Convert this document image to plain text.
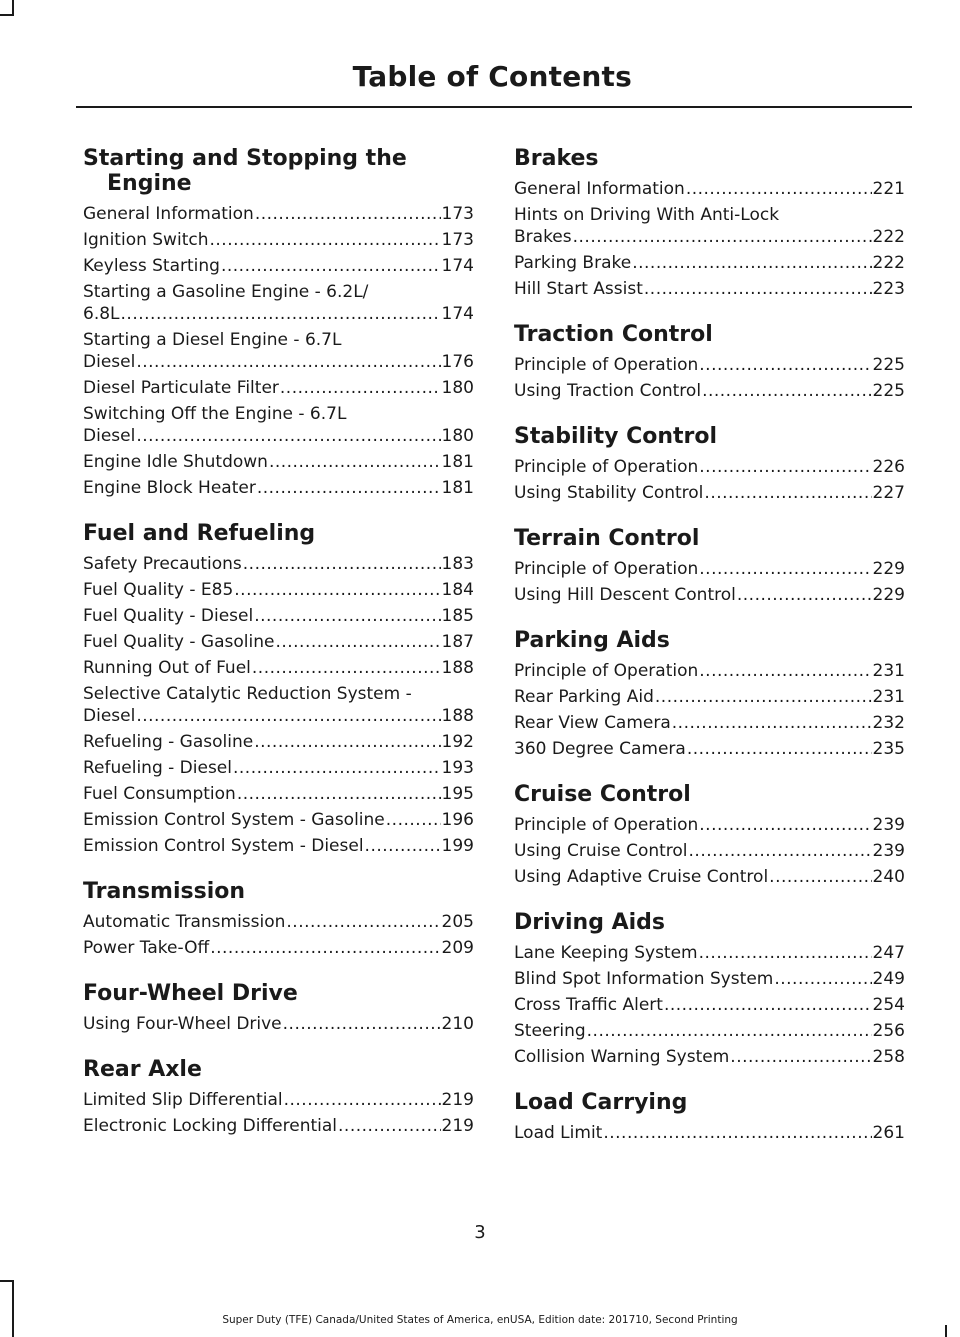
Table of Contents
Starting and Stopping the
Engine
General Information .....	173
Ignition Switch .....	173
Keyless Starting .....	174
Starting a Gasoline Engine - 6.2L/
6.8L .....	174
Starting a Diesel Engine - 6.7L
Diesel .....	176
Diesel Particulate Filter .....	180
Switching Off the Engine - 6.7L
Diesel .....	180
Engine Idle Shutdown .....	181
Engine Block Heater .....	181
Fuel and Refueling
Safety Precautions .....	183
Fuel Quality - E85 .....	184
Fuel Quality - Diesel .....	185
Fuel Quality - Gasoline .....	187
Running Out of Fuel .....	188
Selective Catalytic Reduction System -
Diesel .....	188
Refueling - Gasoline .....	192
Refueling - Diesel .....	193
Fuel Consumption .....	195
Emission Control System - Gasoline .....	196
Emission Control System - Diesel .....	199
Transmission
Automatic Transmission .....	205
Power Take-Off .....	209
Four-Wheel Drive
Using Four-Wheel Drive .....	210
Rear Axle
Limited Slip Differential .....	219
Electronic Locking Differential .....	219
Brakes
General Information .....	221
Hints on Driving With Anti-Lock
Brakes .....	222
Parking Brake .....	222
Hill Start Assist .....	223
Traction Control
Principle of Operation .....	225
Using Traction Control .....	225
Stability Control
Principle of Operation .....	226
Using Stability Control .....	227
Terrain Control
Principle of Operation .....	229
Using Hill Descent Control .....	229
Parking Aids
Principle of Operation .....	231
Rear Parking Aid .....	231
Rear View Camera .....	232
360 Degree Camera .....	235
Cruise Control
Principle of Operation .....	239
Using Cruise Control .....	239
Using Adaptive Cruise Control .....	240
Driving Aids
Lane Keeping System .....	247
Blind Spot Information System .....	249
Cross Traffic Alert .....	254
Steering .....	256
Collision Warning System .....	258
Load Carrying
Load Limit .....	261
3
Super Duty (TFE) Canada/United States of America, enUSA, Edition date: 201710, Second Printing
